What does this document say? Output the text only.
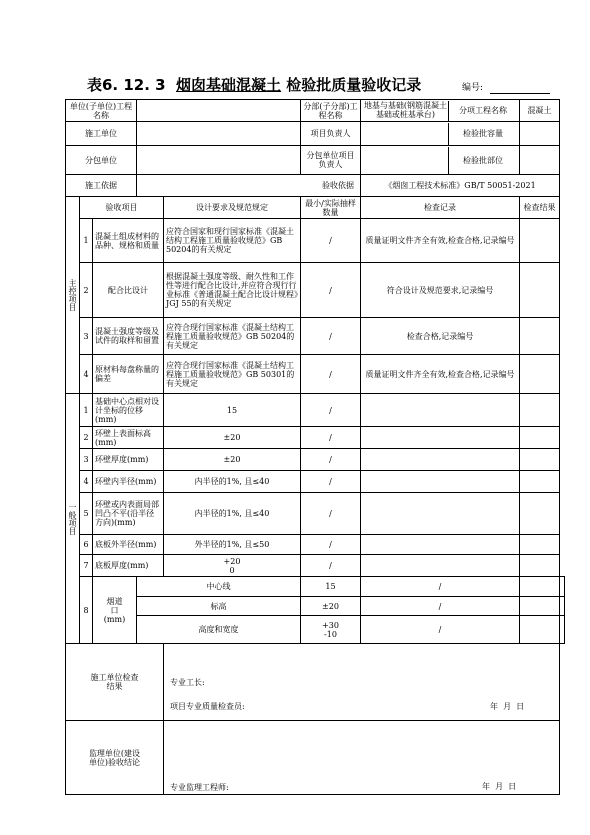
表6. 12. 3 烟囱基础混凝土 检验批质量验收记录	编号:
单位(子单位)工程名称					分部(子分部)工程名称	地基与基础(钢筋混凝土基础或桩基承台) 分项工程名称	混凝土	
施工单位					项目负责人	检验批容量		

分包单位					分包单位项目负责人	检验批部位		

施工依据			验收依据			《烟囱工程技术标准》GB/T 50051-2021		
主控项目	验收项目			设计要求及规范规定	最小/实际抽样数量	检查记录	检查结果	
	1	混凝土组成材料的品种、规格和质量		应符合国家和现行国家标准《混凝土结构工程施工质量验收规范》GB 50204的有关规定	/	质量证明文件齐全有效,检查合格,记录编号		
	2	配合比设计		根据混凝土强度等级、耐久性和工作性等进行配合比设计,并应符合现行行业标准《普通混凝土配合比设计规程》JGJ 55的有关规定	/	符合设计及规范要求,记录编号		
	3	混凝土强度等级及试件的取样和留置		应符合现行国家标准《混凝土结构工程施工质量验收规范》GB 50204的有关规定	/	检查合格,记录编号		
	4	原材料每盘称量的偏差		应符合现行国家标准《混凝土结构工程施工质量验收规范》GB 50301的有关规定	/	质量证明文件齐全有效,检查合格,记录编号		
一般项目	1	基础中心点相对设计坐标的位移(mm)		15	/			
	2	环壁上表面标高(mm)		±20	/			
	3	环壁厚度(mm)		±20	/			
	4	环壁内半径(mm)		内半径的1%, 且≤40	/			
	5	环壁或内表面局部凹凸不平(沿半径方向)(mm)		内半径的1%, 且≤40	/			
	6	底板外半径(mm)		外半径的1%, 且≤50	/			
	7	底板厚度(mm)		+20
0	/			
	8	烟道口(mm)	中心线		15	/		
			标高		±20	/		
			高度和宽度		+30
-10	/		

施工单位检查结果				专业工长:
项目专业质量检查员: 年  月  日				

监理单位(建设单位)验收结论				专业监理工程师: 年  月  日				
